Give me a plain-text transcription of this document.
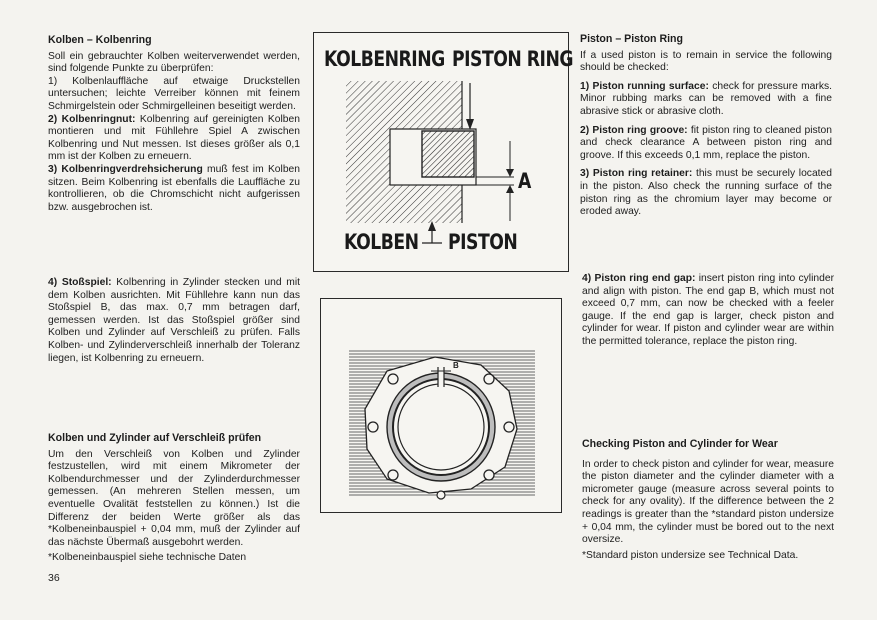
Kolben – Kolbenring

Soll ein gebrauchter Kolben weiterverwendet werden, sind folgende Punkte zu überprüfen:

1) Kolbenlauffläche auf etwaige Druckstellen untersuchen; leichte Verreiber können mit feinem Schmirgelstein oder Schmirgelleinen beseitigt werden.

2) Kolbenringnut: Kolbenring auf gereinigten Kolben montieren und mit Fühllehre Spiel A zwischen Kolbenring und Nut messen. Ist dieses größer als 0,1 mm ist der Kolben zu erneuern.

3) Kolbenringverdrehsicherung muß fest im Kolben sitzen. Beim Kolbenring ist ebenfalls die Lauffläche zu kontrollieren, ob die Chromschicht nicht aufgerissen bzw. ausgebrochen ist.

4) Stoßspiel: Kolbenring in Zylinder stecken und mit dem Kolben ausrichten. Mit Fühllehre kann nun das Stoßspiel B, das max. 0,7 mm betragen darf, gemessen werden. Ist das Stoßspiel größer sind Kolben und Zylinder auf Verschleiß zu prüfen. Falls Kolben- und Zylinderverschleiß innerhalb der Toleranz liegen, ist Kolbenring zu erneuern.

Kolben und Zylinder auf Verschleiß prüfen

Um den Verschleiß von Kolben und Zylinder festzustellen, wird mit einem Mikrometer der Kolbendurchmesser und der Zylinderdurchmesser gemessen. (An mehreren Stellen messen, um eventuelle Ovalität feststellen zu können.) Ist die Differenz der beiden Werte größer als das *Kolbeneinbauspiel + 0,04 mm, muß der Zylinder auf das nächste Übermaß ausgebohrt werden.

*Kolbeneinbauspiel siehe technische Daten

KOLBENRING PISTON RING
A
KOLBEN PISTON
B
Piston – Piston Ring

If a used piston is to remain in service the following should be checked:

1) Piston running surface: check for pressure marks. Minor rubbing marks can be removed with a fine abrasive stick or abrasive cloth.

2) Piston ring groove: fit piston ring to cleaned piston and check clearance A between piston ring and groove. If this exceeds 0,1 mm, replace the piston.

3) Piston ring retainer: this must be securely located in the piston. Also check the running surface of the piston ring as the chromium layer may become or eroded away.

4) Piston ring end gap: insert piston ring into cylinder and align with piston. The end gap B, which must not exceed 0,7 mm, can now be checked with a feeler gauge. If the end gap is larger, check piston and cylinder for wear. If piston and cylinder wear are within the permitted tolerance, replace the piston ring.

Checking Piston and Cylinder for Wear

In order to check piston and cylinder for wear, measure the piston diameter and the cylinder diameter with a micrometer gauge (measure across several points to check for any ovality). If the difference between the 2 readings is greater than the *standard piston undersize + 0,04 mm, the cylinder must be bored out to the next oversize.

*Standard piston undersize see Technical Data.

36
